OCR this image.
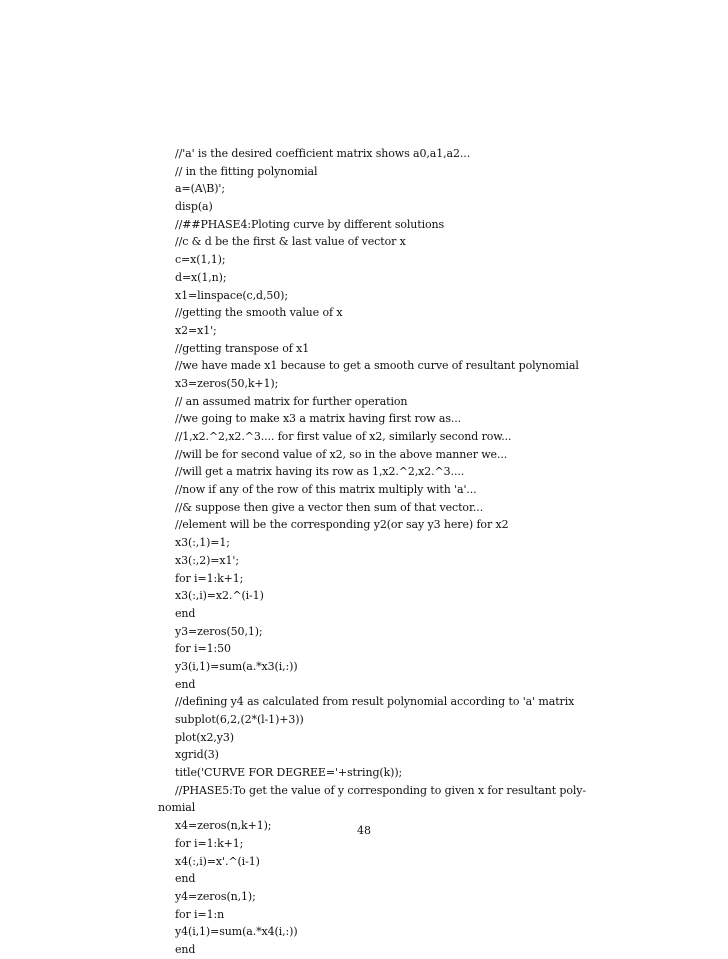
//'a' is the desired coefficient matrix shows a0,a1,a2...
// in the fitting polynomial
a=(A\B)';
disp(a)
//##PHASE4:Ploting curve by different solutions
//c & d be the first & last value of vector x
c=x(1,1);
d=x(1,n);
x1=linspace(c,d,50);
//getting the smooth value of x
x2=x1';
//getting transpose of x1
//we have made x1 because to get a smooth curve of resultant polynomial
x3=zeros(50,k+1);
// an assumed matrix for further operation
//we going to make x3 a matrix having first row as...
//1,x2.^2,x2.^3.... for first value of x2, similarly second row...
//will be for second value of x2, so in the above manner we...
//will get a matrix having its row as 1,x2.^2,x2.^3....
//now if any of the row of this matrix multiply with 'a'...
//& suppose then give a vector then sum of that vector...
//element will be the corresponding y2(or say y3 here) for x2
x3(:,1)=1;
x3(:,2)=x1';
for i=1:k+1;
x3(:,i)=x2.^(i-1)
end
y3=zeros(50,1);
for i=1:50
y3(i,1)=sum(a.*x3(i,:))
end
//defining y4 as calculated from result polynomial according to 'a' matrix
subplot(6,2,(2*(l-1)+3))
plot(x2,y3)
xgrid(3)
title('CURVE FOR DEGREE='+string(k));
//PHASE5:To get the value of y corresponding to given x for resultant poly-
nomial
x4=zeros(n,k+1);
for i=1:k+1;
x4(:,i)=x'.^(i-1)
end
y4=zeros(n,1);
for i=1:n
y4(i,1)=sum(a.*x4(i,:))
end
48
